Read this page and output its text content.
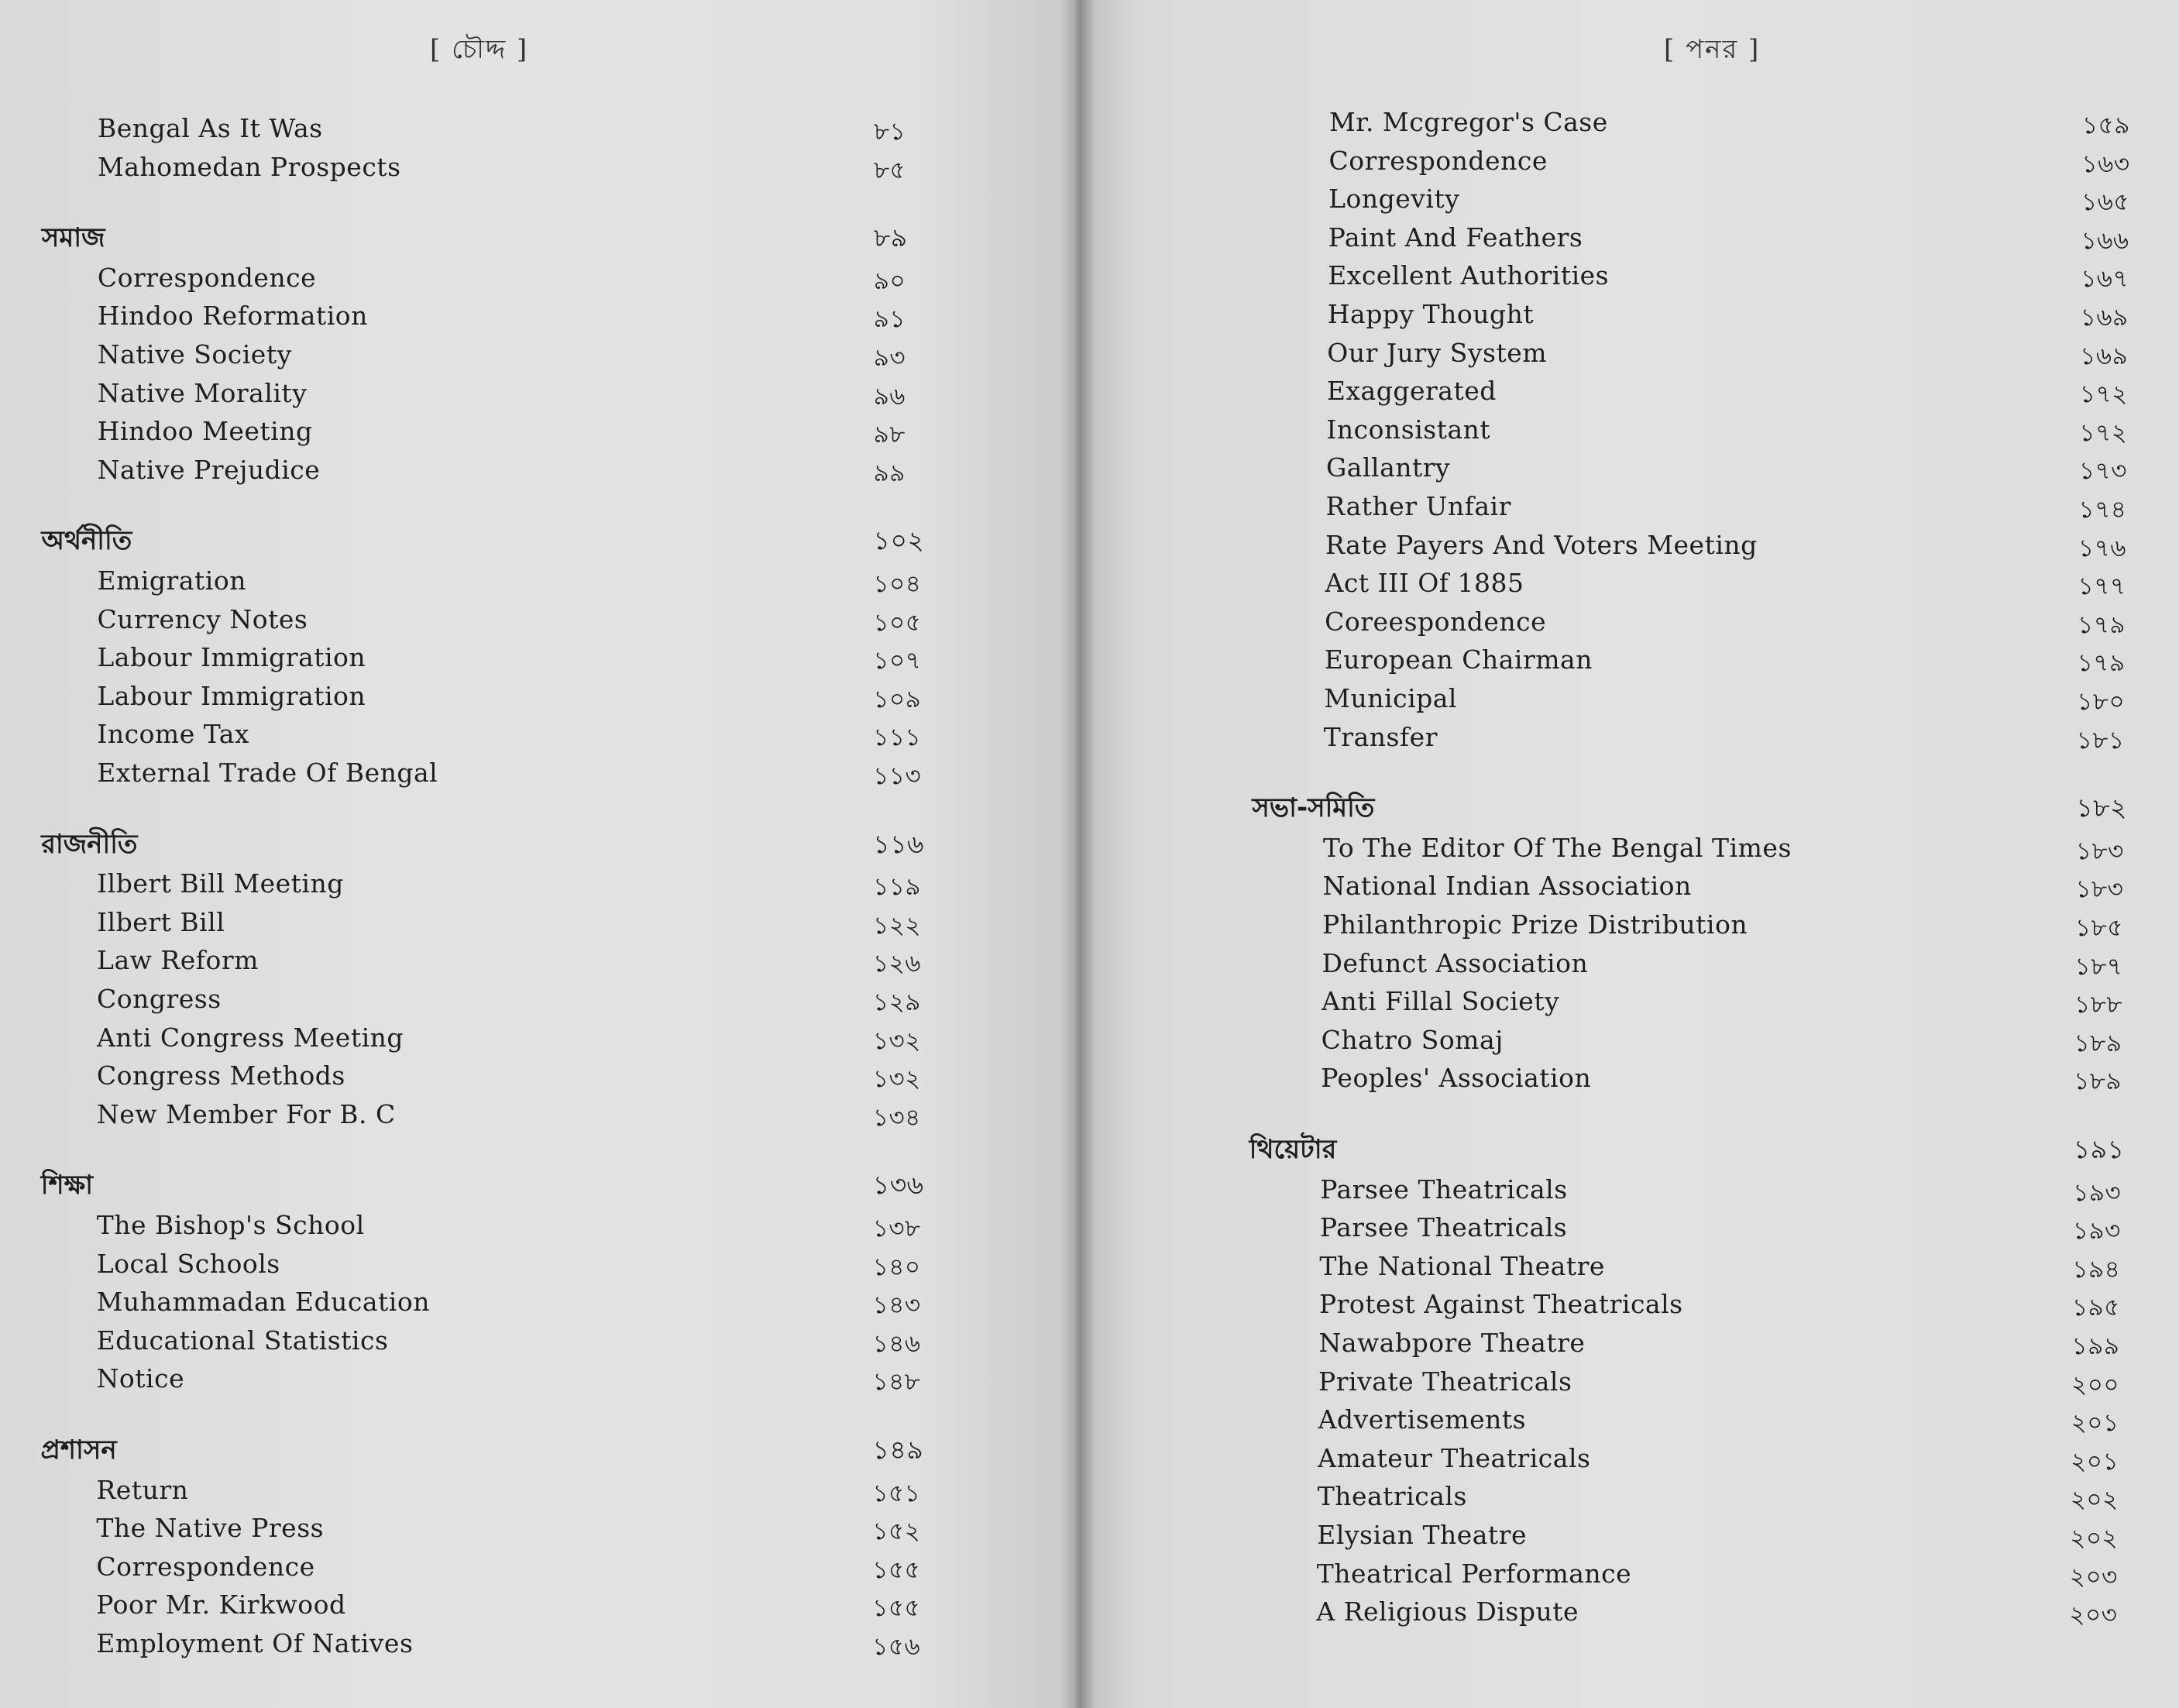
[ চৌদ্দ ]
Bengal As It Was	৮১
Mahomedan Prospects	৮৫
সমাজ	৮৯
Correspondence	৯০
Hindoo Reformation	৯১
Native Society	৯৩
Native Morality	৯৬
Hindoo Meeting	৯৮
Native Prejudice	৯৯
অর্থনীতি	১০২
Emigration	১০৪
Currency Notes	১০৫
Labour Immigration	১০৭
Labour Immigration	১০৯
Income Tax	১১১
External Trade Of Bengal	১১৩
রাজনীতি	১১৬
Ilbert Bill Meeting	১১৯
Ilbert Bill	১২২
Law Reform	১২৬
Congress	১২৯
Anti Congress Meeting	১৩২
Congress Methods	১৩২
New Member For B. C	১৩৪
শিক্ষা	১৩৬
The Bishop's School	১৩৮
Local Schools	১৪০
Muhammadan Education	১৪৩
Educational Statistics	১৪৬
Notice	১৪৮
প্রশাসন	১৪৯
Return	১৫১
The Native Press	১৫২
Correspondence	১৫৫
Poor Mr. Kirkwood	১৫৫
Employment Of Natives	১৫৬
[ পনর ]
Mr. Mcgregor's Case	১৫৯
Correspondence	১৬৩
Longevity	১৬৫
Paint And Feathers	১৬৬
Excellent Authorities	১৬৭
Happy Thought	১৬৯
Our Jury System	১৬৯
Exaggerated	১৭২
Inconsistant	১৭২
Gallantry	১৭৩
Rather Unfair	১৭৪
Rate Payers And Voters Meeting	১৭৬
Act III Of 1885	১৭৭
Coreespondence	১৭৯
European Chairman	১৭৯
Municipal	১৮০
Transfer	১৮১
সভা-সমিতি	১৮২
To The Editor Of The Bengal Times	১৮৩
National Indian Association	১৮৩
Philanthropic Prize Distribution	১৮৫
Defunct Association	১৮৭
Anti Fillal Society	১৮৮
Chatro Somaj	১৮৯
Peoples' Association	১৮৯
থিয়েটার	১৯১
Parsee Theatricals	১৯৩
Parsee Theatricals	১৯৩
The National Theatre	১৯৪
Protest Against Theatricals	১৯৫
Nawabpore Theatre	১৯৯
Private Theatricals	২০০
Advertisements	২০১
Amateur Theatricals	২০১
Theatricals	২০২
Elysian Theatre	২০২
Theatrical Performance	২০৩
A Religious Dispute	২০৩
